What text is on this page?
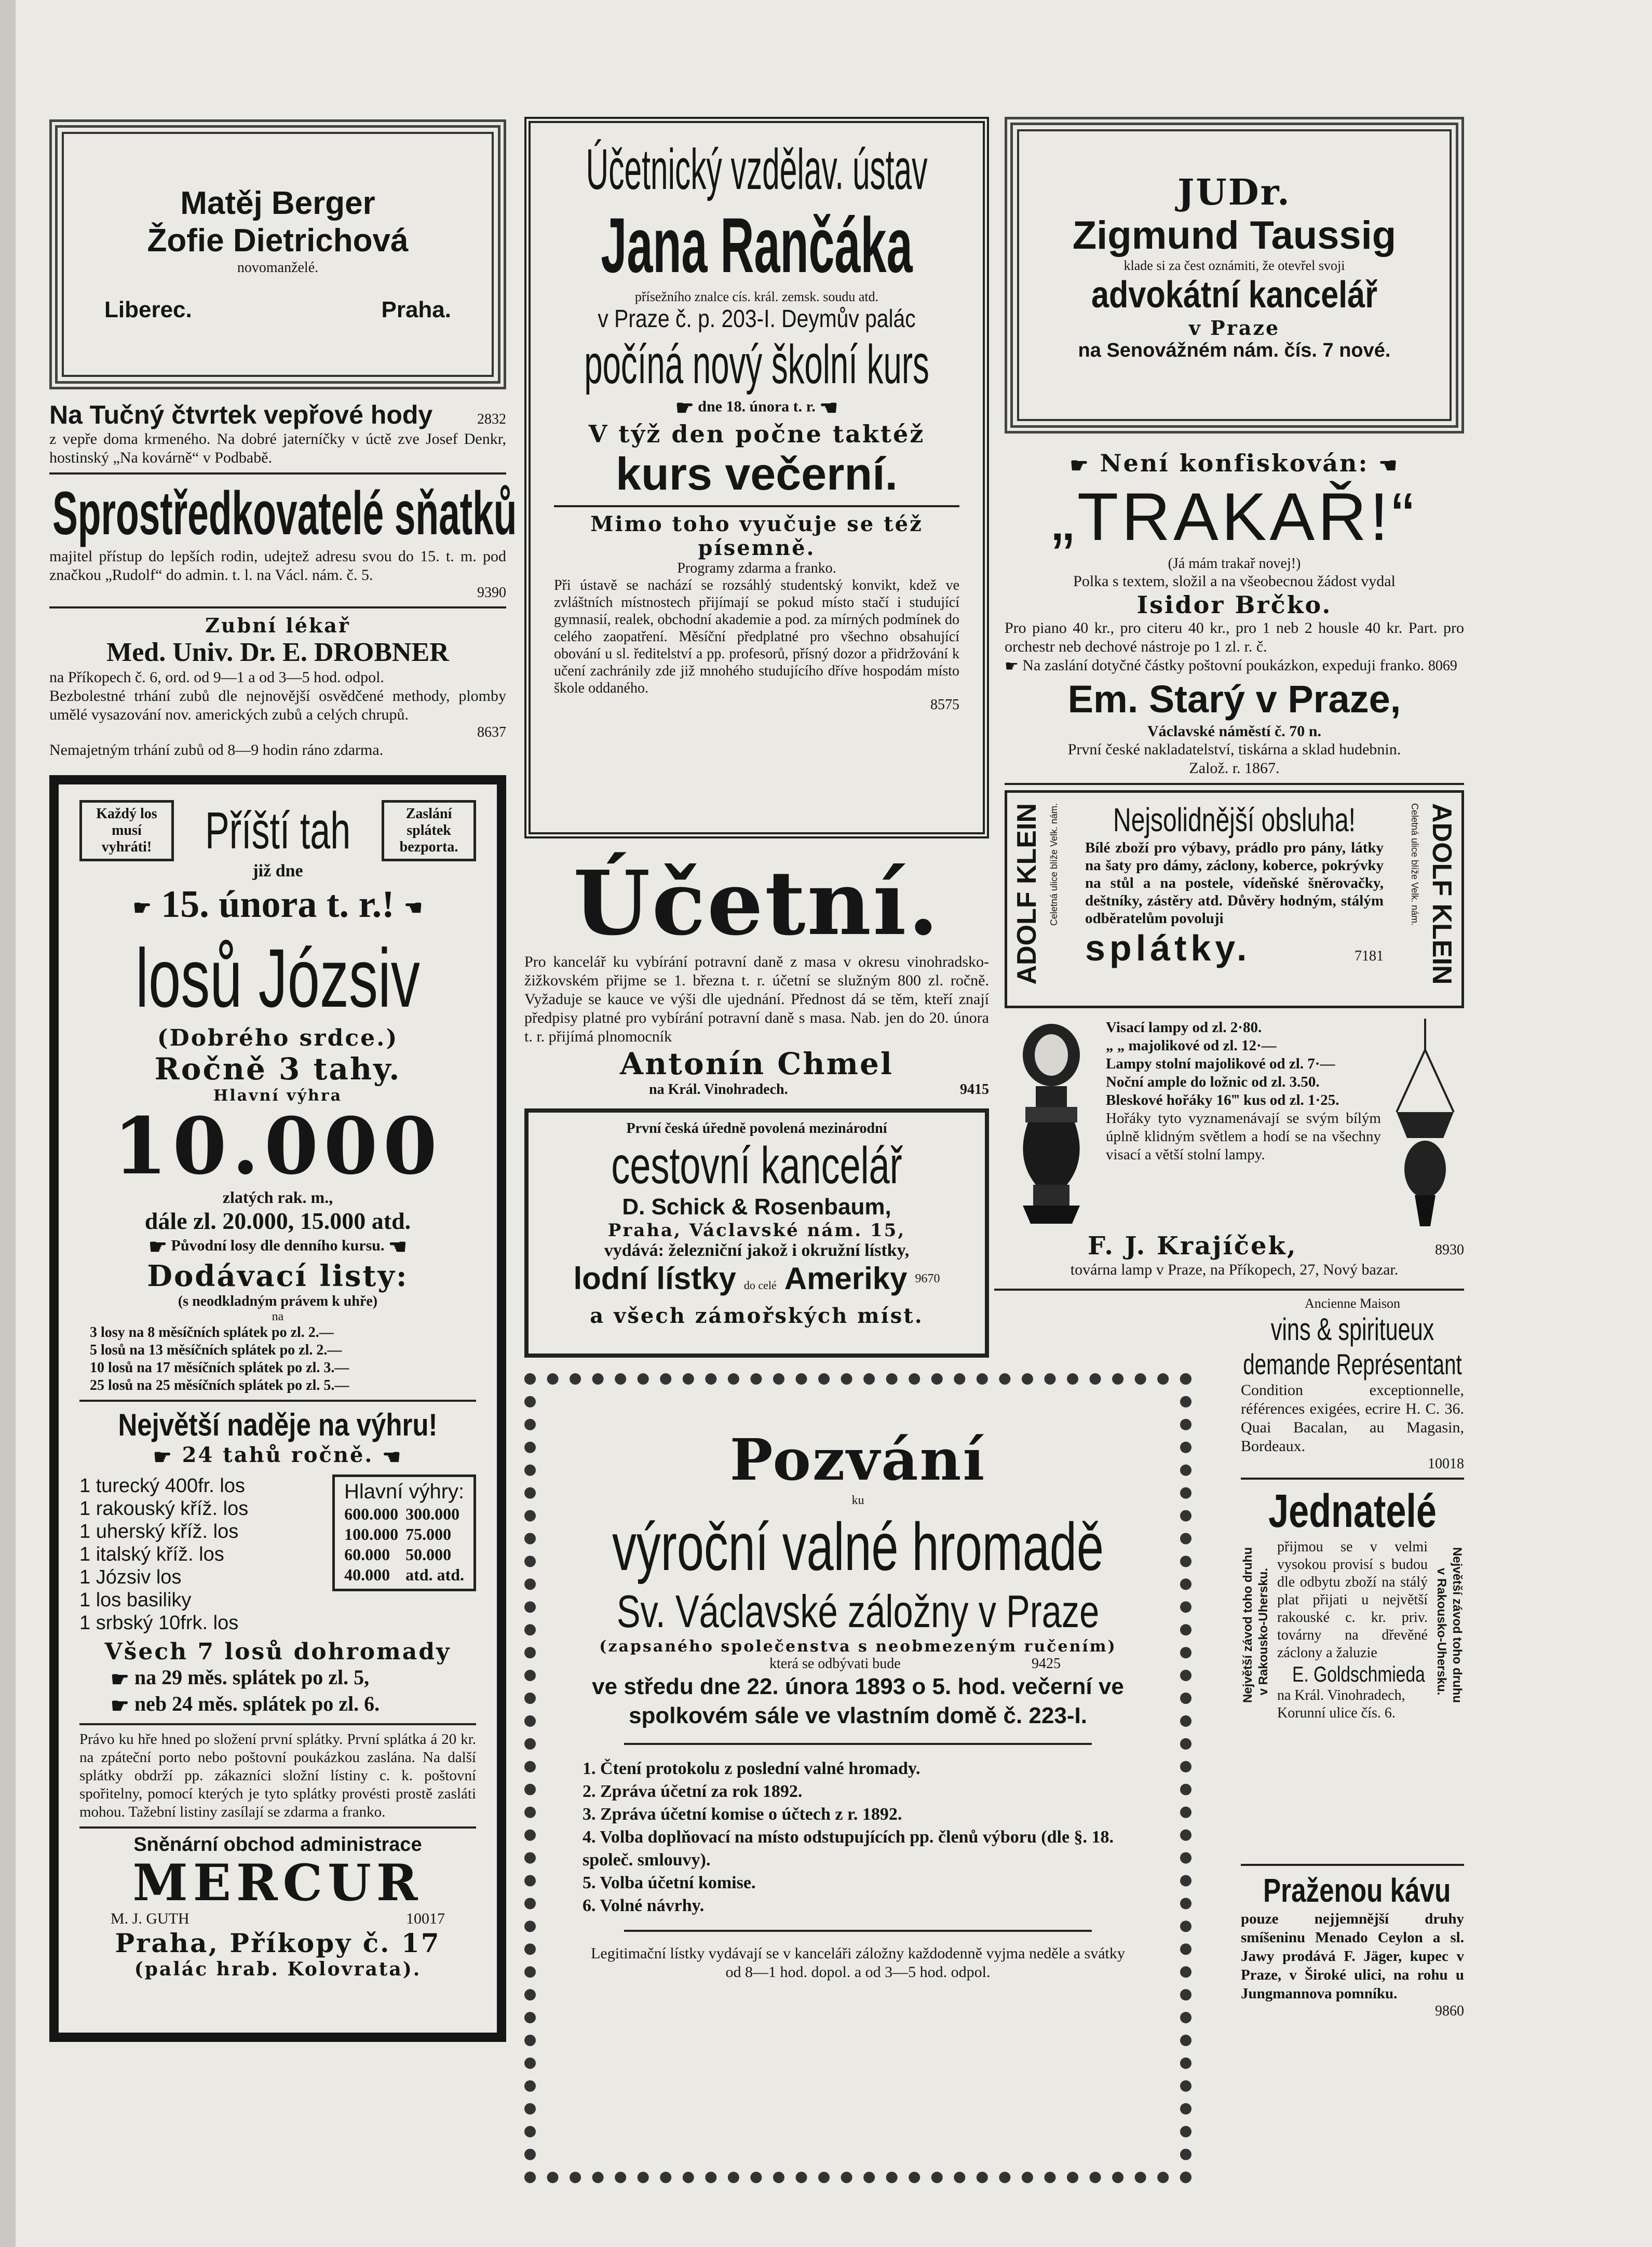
Matěj Berger
Žofie Dietrichová
novomanželé.
Liberec.	Praha.
Na Tučný čtvrtek vepřové hody	2832
z vepře doma krmeného. Na dobré jaterníčky v úctě zve Josef Denkr, hostinský „Na kovárně“ v Podbabě.
Sprostředkovatelé sňatků
majitel přístup do lepších rodin, udejtež adresu svou do 15. t. m. pod značkou „Rudolf“ do admin. t. l. na Václ. nám. č. 5.
9390
Zubní lékař
Med. Univ. Dr. E. DROBNER
na Příkopech č. 6, ord. od 9—1 a od 3—5 hod. odpol.
Bezbolestné trhání zubů dle nejnovější osvědčené methody, plomby umělé vysazování nov. amerických zubů a celých chrupů.
8637
Nemajetným trhání zubů od 8—9 hodin ráno zdarma.
Každý los musí vyhráti!	Příští tah	Zaslání splátek bezporta.
již dne
☛ 15. února t. r.! ☚
losů Józsiv
(Dobrého srdce.)
Ročně 3 tahy.
Hlavní výhra
10.000
zlatých rak. m.,
dále zl. 20.000, 15.000 atd.
☛ Původní losy dle denního kursu. ☚
Dodávací listy:
(s neodkladným právem k uhře)
na
3 losy na 8 měsíčních splátek po zl. 2.—
5 losů na 13 měsíčních splátek po zl. 2.—
10 losů na 17 měsíčních splátek po zl. 3.—
25 losů na 25 měsíčních splátek po zl. 5.—
Největší naděje na výhru!
☛ 24 tahů ročně. ☚
1 turecký 400fr. los
1 rakouský kříž. los
1 uherský kříž. los
1 italský kříž. los
1 Józsiv los
1 los basiliky
1 srbský 10frk. los
Hlavní výhry:
600.000	300.000
100.000	75.000
60.000	50.000
40.000	atd. atd.
Všech 7 losů dohromady
☛ na 29 měs. splátek po zl. 5,
☛ neb 24 měs. splátek po zl. 6.
Právo ku hře hned po složení první splátky. První splátka á 20 kr. na zpáteční porto nebo poštovní poukázkou zaslána. Na další splátky obdrží pp. zákazníci složní lístiny c. k. poštovní spořitelny, pomocí kterých je tyto splátky provésti prostě zasláti mohou. Tažební listiny zasílají se zdarma a franko.
Sněnární obchod administrace
MERCUR
M. J. GUTH	10017
Praha, Příkopy č. 17
(palác hrab. Kolovrata).
Účetnický vzdělav. ústav
Jana Rančáka
přísežního znalce cís. král. zemsk. soudu atd.
v Praze č. p. 203-I. Deymův palác
počíná nový školní kurs
☛ dne 18. února t. r. ☚
V týž den počne taktéž
kurs večerní.
Mimo toho vyučuje se též písemně.
Programy zdarma a franko.
Při ústavě se nachází se rozsáhlý studentský konvikt, kdež ve zvláštních místnostech přijímají se pokud místo stačí i studující gymnasií, realek, obchodní akademie a pod. za mírných podmínek do celého zaopatření. Měsíční předplatné pro všechno obsahující obování u sl. ředitelství a pp. profesorů, přísný dozor a přidržování k učení zachránily zde již mnohého studujícího dříve hospodám místo škole oddaného.
8575
Účetní.
Pro kancelář ku vybírání potravní daně z masa v okresu vinohradsko-žižkovském přijme se 1. března t. r. účetní se služným 800 zl. ročně. Vyžaduje se kauce ve výši dle ujednání. Přednost dá se těm, kteří znají předpisy platné pro vybírání potravní daně s masa. Nab. jen do 20. února t. r. přijímá plnomocník
Antonín Chmel
na Král. Vinohradech.	9415
První česká úředně povolená mezinárodní
cestovní kancelář
D. Schick & Rosenbaum,
Praha, Václavské nám. 15,
vydává: železniční jakož i okružní lístky,
lodní lístky do celé Ameriky $^{9670}$
a všech zámořských míst.
Pozvání
ku
výroční valné hromadě
Sv. Václavské záložny v Praze
(zapsaného společenstva s neobmezeným ručením)
která se odbývati bude	9425
ve středu dne 22. února 1893 o 5. hod. večerní ve spolkovém sále ve vlastním domě č. 223-I.
1. Čtení protokolu z poslední valné hromady.
2. Zpráva účetní za rok 1892.
3. Zpráva účetní komise o účtech z r. 1892.
4. Volba doplňovací na místo odstupujících pp. členů výboru (dle §. 18. společ. smlouvy).
5. Volba účetní komise.
6. Volné návrhy.
Legitimační lístky vydávají se v kanceláři záložny každodenně vyjma neděle a svátky od 8—1 hod. dopol. a od 3—5 hod. odpol.
JUDr.
Zigmund Taussig
klade si za čest oznámiti, že otevřel svoji
advokátní kancelář
v Praze
na Senovážném nám. čís. 7 nové.
☛ Není konfiskován: ☚
„TRAKAŘ!“
(Já mám trakař novej!)
Polka s textem, složil a na všeobecnou žádost vydal
Isidor Brčko.
Pro piano 40 kr., pro citeru 40 kr., pro 1 neb 2 housle 40 kr. Part. pro orchestr neb dechové nástroje po 1 zl. r. č.
☛ Na zaslání dotyčné částky poštovní poukázkon, expeduji franko. 8069
Em. Starý v Praze,
Václavské náměstí č. 70 n.
První české nakladatelství, tiskárna a sklad hudebnin.
Založ. r. 1867.
ADOLF KLEIN Celetná ulice blíže Velk. nám.	Celetná ulice blíže Velk. nám. ADOLF KLEIN
Nejsolidnější obsluha!
Bílé zboží pro výbavy, prádlo pro pány, látky na šaty pro dámy, záclony, koberce, pokrývky na stůl a na postele, vídeňské šněrovačky, deštníky, zástěry atd. Důvěry hodným, stálým odběratelům povoluji
splátky.	7181
Visací lampy od zl. 2·80.
„ „ majolikové od zl. 12·—
Lampy stolní majolikové od zl. 7·—
Noční ample do ložnic od zl. 3.50.
Bleskové hořáky 16‴ kus od zl. 1·25.
Hořáky tyto vyznamenávají se svým bílým úplně klidným světlem a hodí se na všechny visací a větší stolní lampy.
F. J. Krajíček,	8930
továrna lamp v Praze, na Příkopech, 27, Nový bazar.
Ancienne Maison
vins & spiritueux
demande Représentant
Condition exceptionnelle, références exigées, ecrire H. C. 36. Quai Bacalan, au Magasin, Bordeaux.
10018
Jednatelé
Největší závod toho druhu v Rakousko-Uhersku.	Největší závod toho druhu
v Rakousko-Uhersku.
přijmou se v velmi vysokou provisí s budou dle odbytu zboží na stálý plat přijati u největší rakouské c. kr. priv. továrny na dřevěné záclony a žaluzie
E. Goldschmieda
na Král. Vinohradech, Korunní ulice čís. 6.
Praženou kávu
pouze nejjemnější druhy smíšeninu Menado Ceylon a sl. Jawy prodává F. Jäger, kupec v Praze, v Široké ulici, na rohu u Jungmannova pomníku.
9860
